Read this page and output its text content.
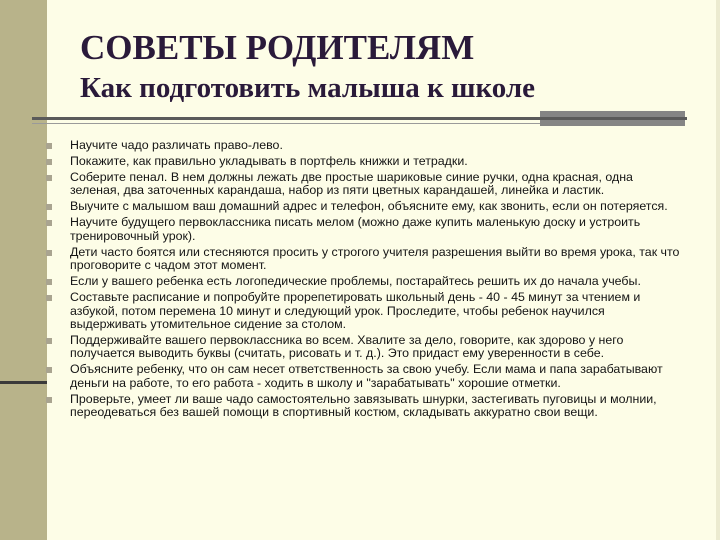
СОВЕТЫ РОДИТЕЛЯМ
Как подготовить малыша к школе
Научите чадо различать право-лево.
Покажите, как правильно укладывать в портфель книжки и тетрадки.
Соберите пенал. В нем должны лежать две простые шариковые синие ручки, одна красная, одна зеленая, два заточенных карандаша, набор из пяти цветных карандашей, линейка и ластик.
Выучите с малышом ваш домашний адрес и телефон, объясните ему, как звонить, если он потеряется.
Научите будущего первоклассника писать мелом (можно даже купить маленькую доску и устроить тренировочный урок).
Дети часто боятся или стесняются просить у строгого учителя разрешения выйти во время урока, так что проговорите с чадом этот момент.
Если у вашего ребенка есть логопедические проблемы, постарайтесь решить их до начала учебы.
Составьте расписание и попробуйте прорепетировать школьный день - 40 - 45 минут за чтением и азбукой, потом перемена 10 минут и следующий урок. Проследите, чтобы ребенок научился выдерживать утомительное сидение за столом.
Поддерживайте вашего первоклассника во всем. Хвалите за дело, говорите, как здорово у него получается выводить буквы (считать, рисовать и т. д.). Это придаст ему уверенности в себе.
Объясните ребенку, что он сам несет ответственность за свою учебу. Если мама и папа зарабатывают деньги на работе, то его работа - ходить в школу и "зарабатывать" хорошие отметки.
Проверьте, умеет ли ваше чадо самостоятельно завязывать шнурки, застегивать пуговицы и молнии, переодеваться без вашей помощи в спортивный костюм, складывать аккуратно свои вещи.
